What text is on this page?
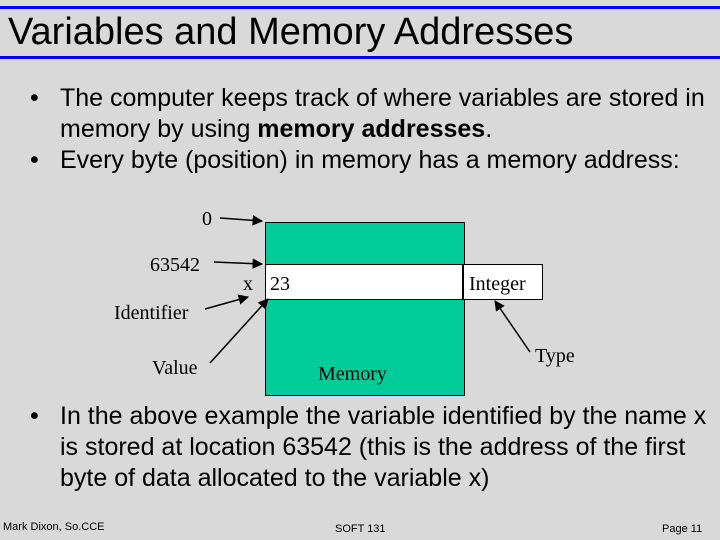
Variables and Memory Addresses
• The computer keeps track of where variables are stored in memory by using memory addresses.
• Every byte (position) in memory has a memory address:
0
63542
Identifier
Value
x 23	Integer
Type
Memory
• In the above example the variable identified by the name x is stored at location 63542 (this is the address of the first byte of data allocated to the variable x)
Mark Dixon, So.CCE	SOFT 131	Page 11
